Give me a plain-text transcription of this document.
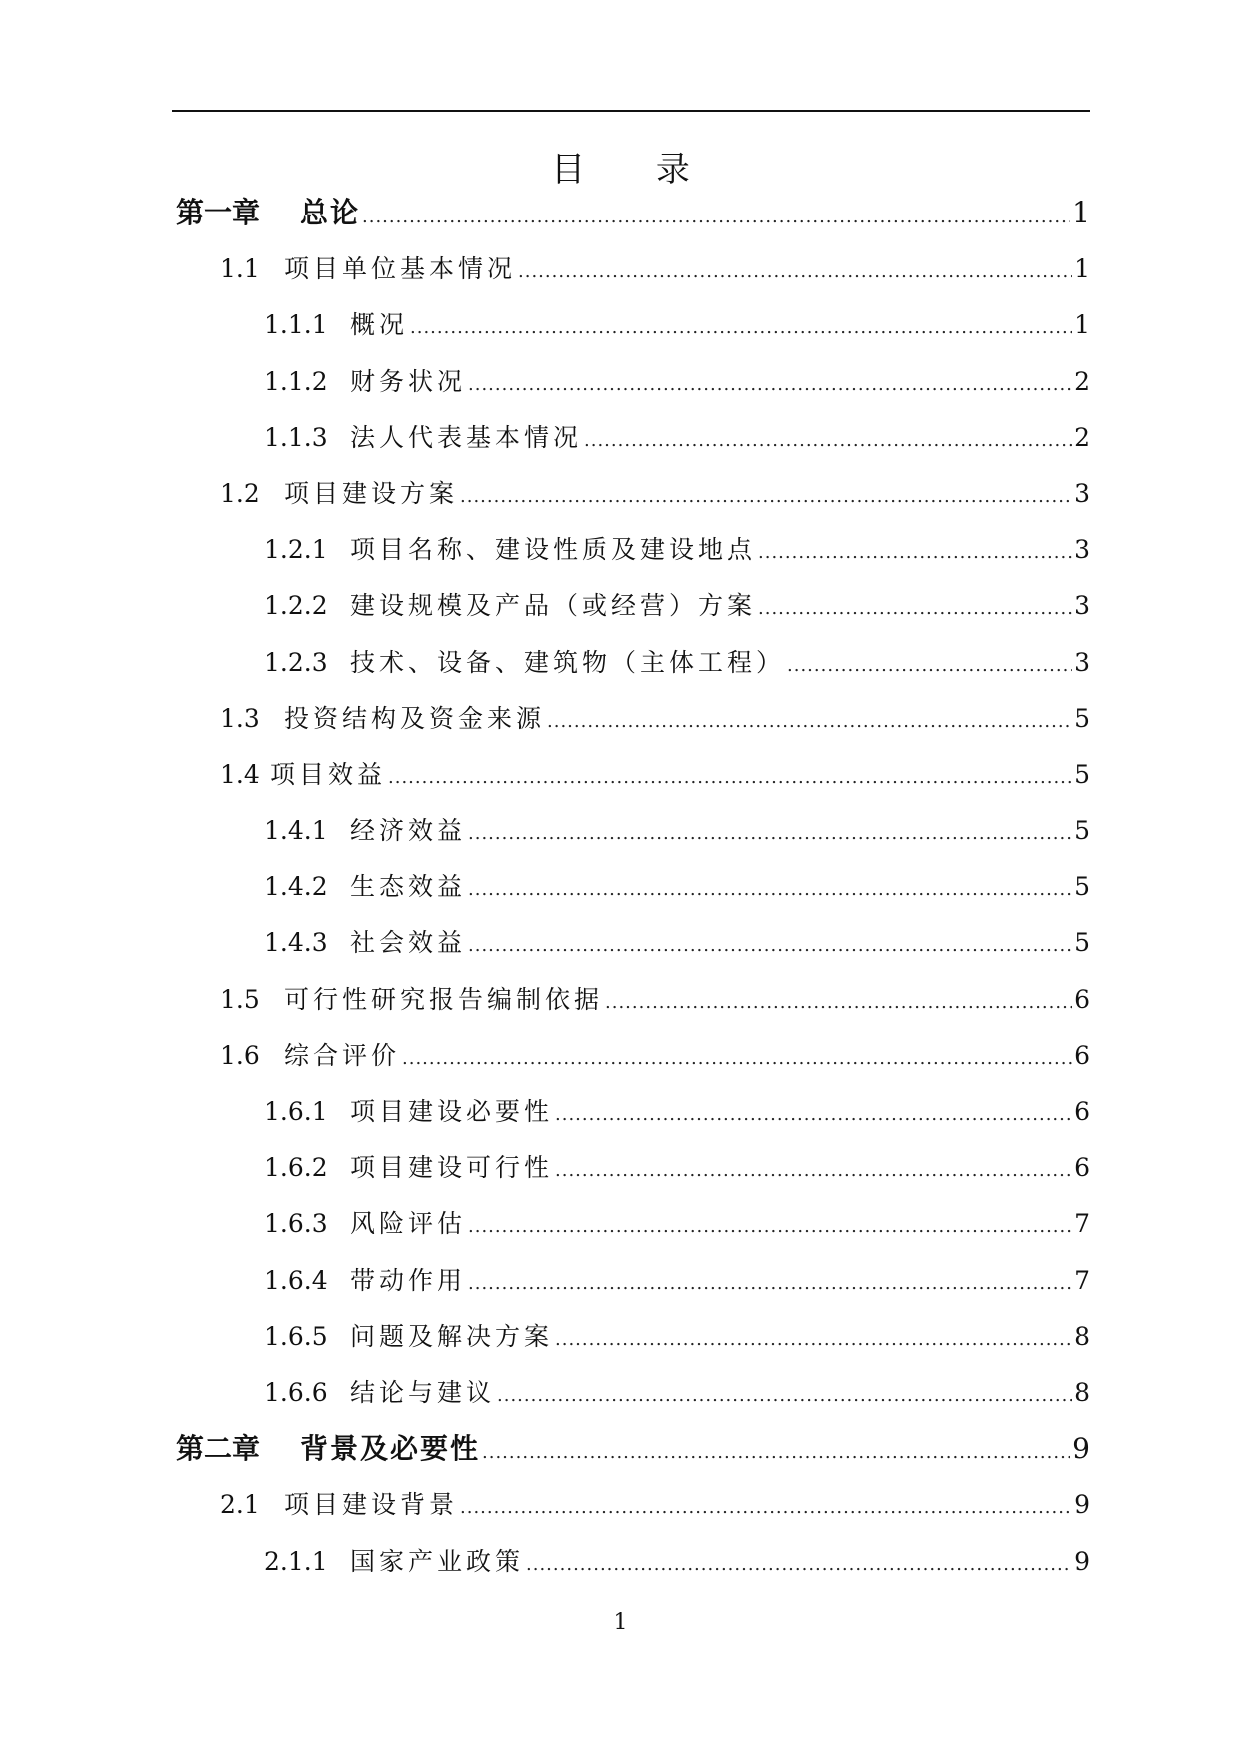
目 录
第一章	总论 .....	1
1.1 项目单位基本情况 .....	1
1.1.1 概况 .....	1
1.1.2 财务状况 .....	2
1.1.3 法人代表基本情况 .....	2
1.2 项目建设方案 .....	3
1.2.1 项目名称、建设性质及建设地点 .....	3
1.2.2 建设规模及产品（或经营）方案 .....	3
1.2.3 技术、设备、建筑物（主体工程） .....	3
1.3 投资结构及资金来源 .....	5
1.4 项目效益 .....	5
1.4.1 经济效益 .....	5
1.4.2 生态效益 .....	5
1.4.3 社会效益 .....	5
1.5 可行性研究报告编制依据 .....	6
1.6 综合评价 .....	6
1.6.1 项目建设必要性 .....	6
1.6.2 项目建设可行性 .....	6
1.6.3 风险评估 .....	7
1.6.4 带动作用 .....	7
1.6.5 问题及解决方案 .....	8
1.6.6 结论与建议 .....	8
第二章	背景及必要性 .....	9
2.1 项目建设背景 .....	9
2.1.1 国家产业政策 .....	9
1
